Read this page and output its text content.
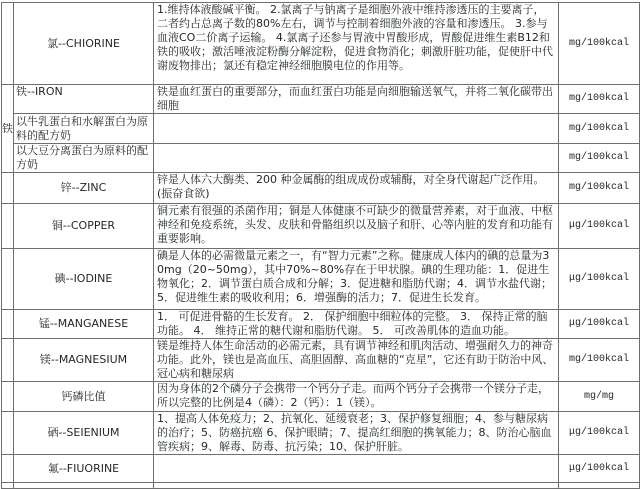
	氯--CHIORINE	1.维持体液酸碱平衡。 2.氯离子与钠离子是细胞外液中维持渗透压的主要离子，二者约占总离子数的80%左右，调节与控制着细胞外液的容量和渗透压。 3.参与血液CO二价离子运输。 4.氯离子还参与胃液中胃酸形成，胃酸促进维生素B12和铁的吸收；激活唾液淀粉酶分解淀粉，促进食物消化；刺激肝脏功能，促使肝中代谢废物排出；氯还有稳定神经细胞膜电位的作用等。	mg/100kcal
铁	铁--IRON	铁是血红蛋白的重要部分，而血红蛋白功能是向细胞输送氧气，并将二氧化碳带出细胞	mg/100kcal
	以牛乳蛋白和水解蛋白为原料的配方奶		mg/100kcal
	以大豆分离蛋白为原料的配方奶		mg/100kcal
	锌--ZINC	锌是人体六大酶类、200 种金属酶的组成成份或辅酶，对全身代谢起广泛作用。 (振奋食欲)	mg/100kcal
	铜--COPPER	铜元素有很强的杀菌作用；铜是人体健康不可缺少的微量营养素，对于血液、中枢神经和免疫系统，头发、皮肤和骨骼组织以及脑子和肝、心等内脏的发育和功能有重要影响。	μg/100kcal
	碘--IODINE	碘是人体的必需微量元素之一，有“智力元素”之称。健康成人体内的碘的总量为30mg（20~50mg），其中70%~80%存在于甲状腺。碘的生理功能：1．促进生物氧化；2．调节蛋白质合成和分解；3．促进糖和脂肪代谢；4．调节水盐代谢；5．促进维生素的吸收利用；6．增强酶的活力；7．促进生长发育。	μg/100kcal
	锰--MANGANESE	1． 可促进骨骼的生长发育。 2． 保护细胞中细粒体的完整。 3． 保持正常的脑功能。 4． 维持正常的糖代谢和脂肪代谢。 5． 可改善肌体的造血功能。	μg/100kcal
	镁--MAGNESIUM	镁是维持人体生命活动的必需元素，具有调节神经和肌肉活动、增强耐久力的神奇功能。此外，镁也是高血压、高胆固醇、高血糖的“克星”，它还有助于防治中风、冠心病和糖尿病	mg/100kcal
	钙磷比值	因为身体的2个磷分子会携带一个钙分子走。而两个钙分子会携带一个镁分子走，所以完整的比例是4（磷）：2（钙）：1（镁）。	mg/mg
	硒--SEIENIUM	1、提高人体免疫力；2、抗氧化、延缓衰老；3、保护修复细胞；4、参与糖尿病的治疗；5、防癌抗癌 6、保护眼睛；7、提高红细胞的携氧能力；8、防治心脑血管疾病；9、解毒、防毒、抗污染；10、保护肝脏。	μg/100kcal
	氟--FIUORINE		μg/100kcal
